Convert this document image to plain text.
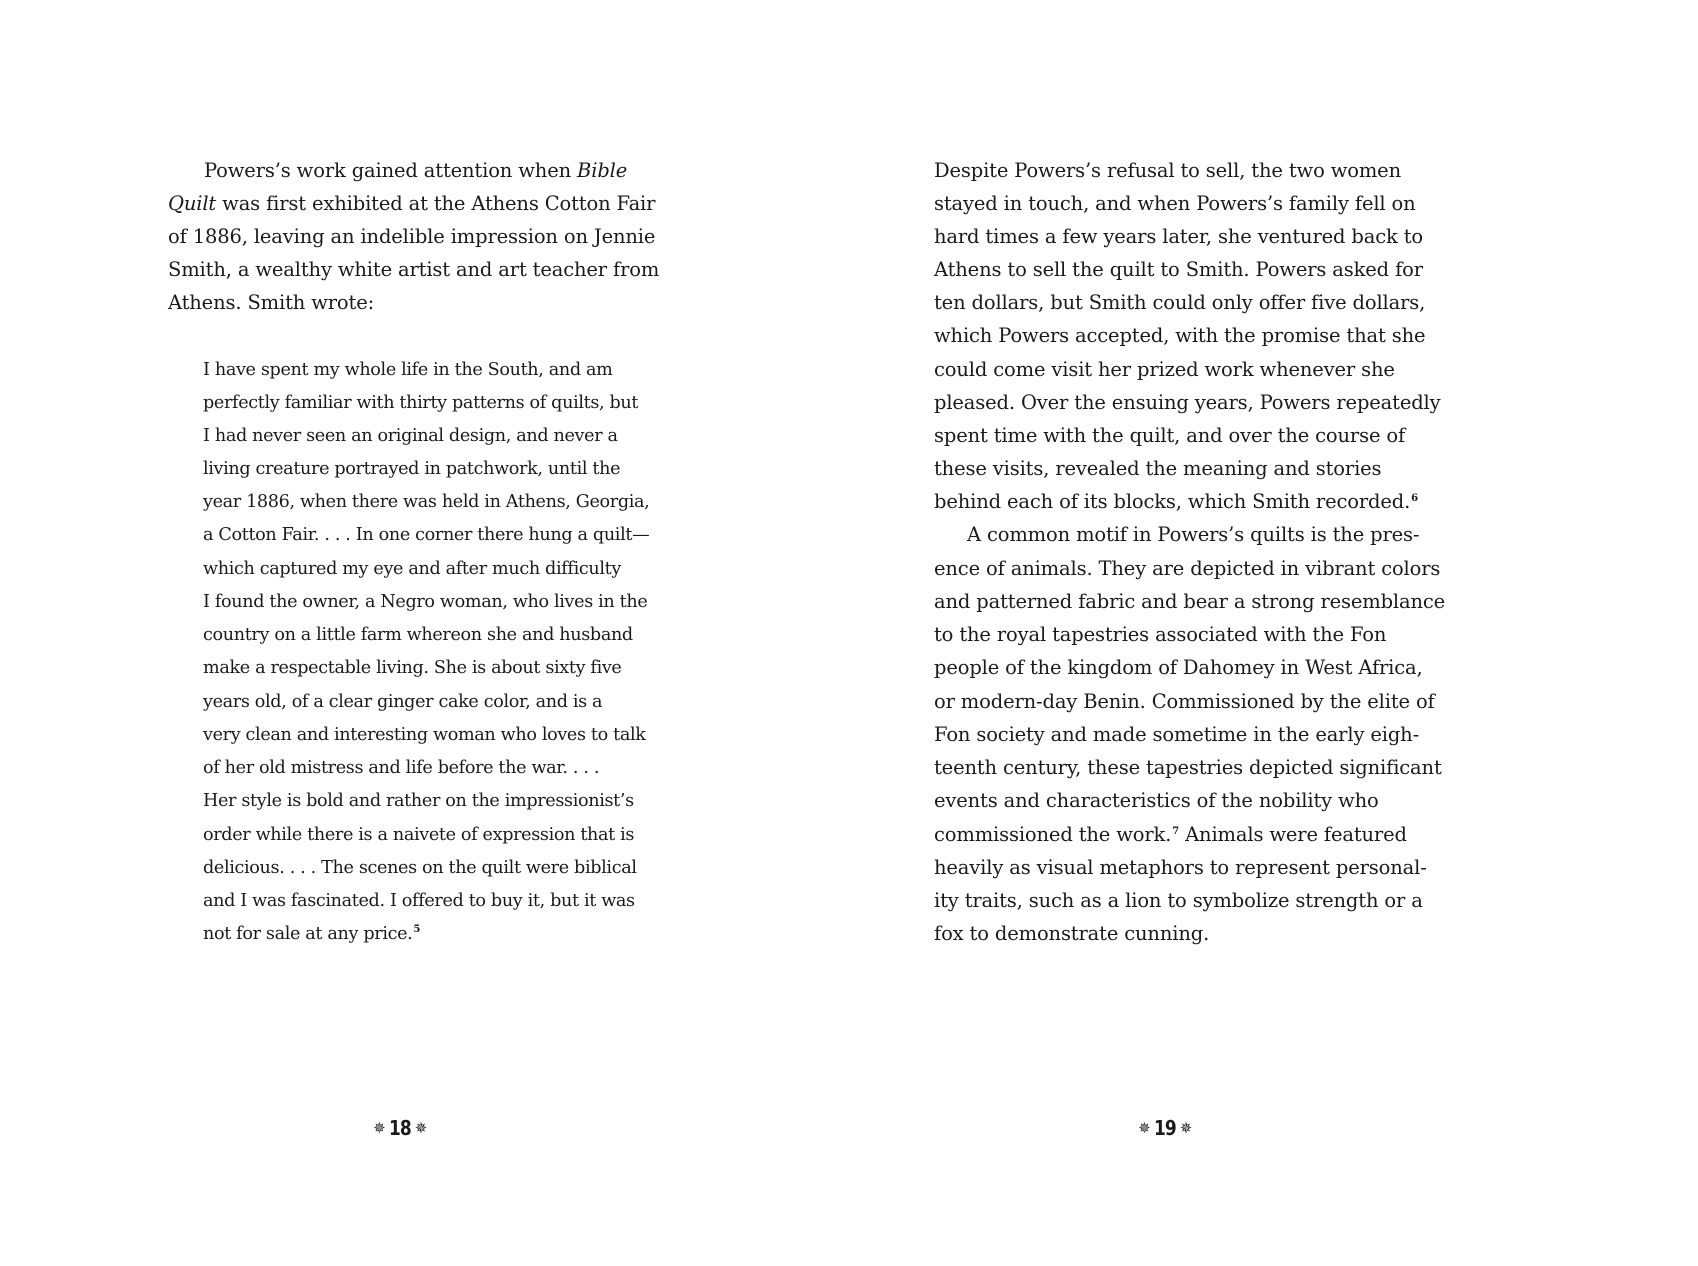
Powers’s work gained attention when Bible
Quilt was first exhibited at the Athens Cotton Fair
of 1886, leaving an indelible impression on Jennie
Smith, a wealthy white artist and art teacher from
Athens. Smith wrote:
I have spent my whole life in the South, and am
perfectly familiar with thirty patterns of quilts, but
I had never seen an original design, and never a
living creature portrayed in patchwork, until the
year 1886, when there was held in Athens, Georgia,
a Cotton Fair. . . . In one corner there hung a quilt—
which captured my eye and after much difficulty
I found the owner, a Negro woman, who lives in the
country on a little farm whereon she and husband
make a respectable living. She is about sixty five
years old, of a clear ginger cake color, and is a
very clean and interesting woman who loves to talk
of her old mistress and life before the war. . . .
Her style is bold and rather on the impressionist’s
order while there is a naivete of expression that is
delicious. . . . The scenes on the quilt were biblical
and I was fascinated. I offered to buy it, but it was
not for sale at any price.$^5$
✵ 18 ✵
Despite Powers’s refusal to sell, the two women
stayed in touch, and when Powers’s family fell on
hard times a few years later, she ventured back to
Athens to sell the quilt to Smith. Powers asked for
ten dollars, but Smith could only offer five dollars,
which Powers accepted, with the promise that she
could come visit her prized work whenever she
pleased. Over the ensuing years, Powers repeatedly
spent time with the quilt, and over the course of
these visits, revealed the meaning and stories
behind each of its blocks, which Smith recorded.$^6$
A common motif in Powers’s quilts is the pres-
ence of animals. They are depicted in vibrant colors
and patterned fabric and bear a strong resemblance
to the royal tapestries associated with the Fon
people of the kingdom of Dahomey in West Africa,
or modern-day Benin. Commissioned by the elite of
Fon society and made sometime in the early eigh-
teenth century, these tapestries depicted significant
events and characteristics of the nobility who
commissioned the work.$^7$ Animals were featured
heavily as visual metaphors to represent personal-
ity traits, such as a lion to symbolize strength or a
fox to demonstrate cunning.
✵ 19 ✵
